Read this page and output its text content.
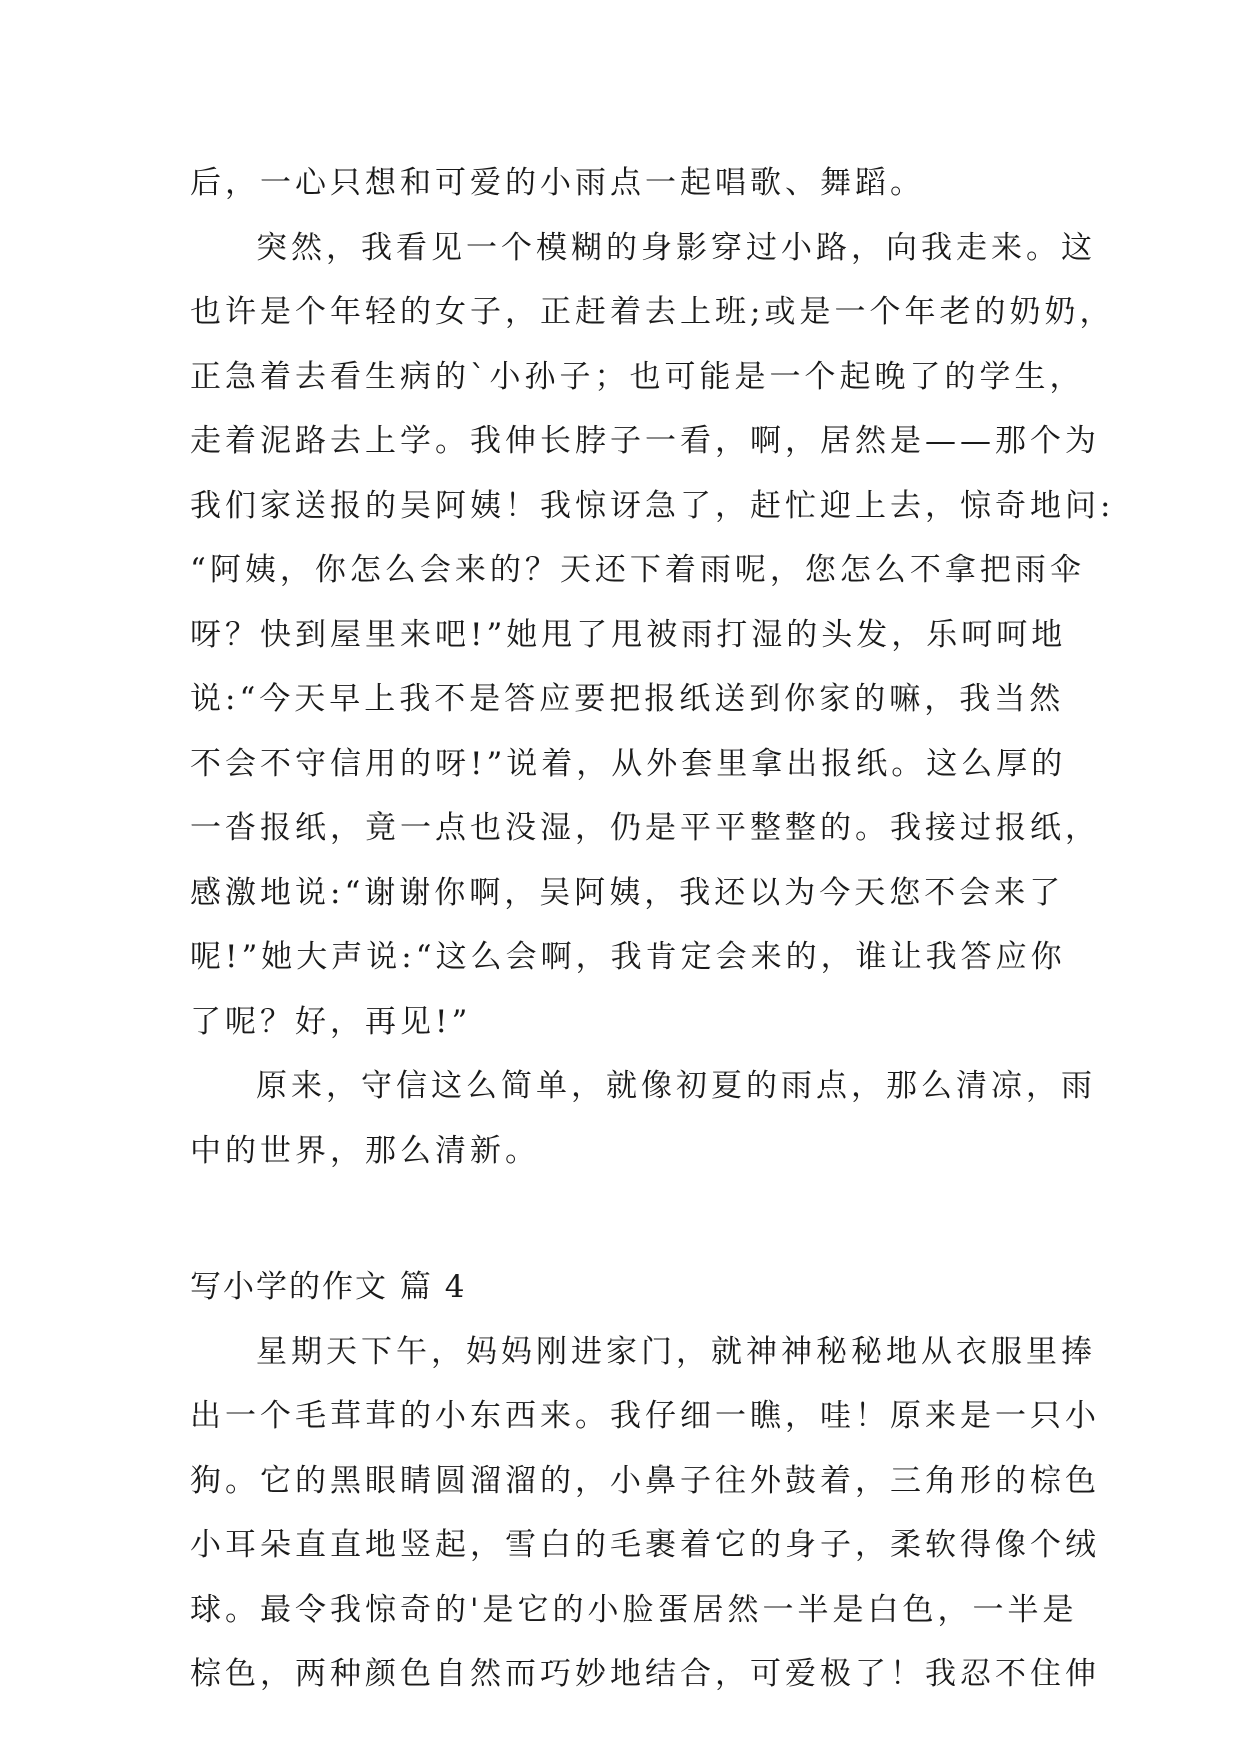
后，一心只想和可爱的小雨点一起唱歌、舞蹈。
突然，我看见一个模糊的身影穿过小路，向我走来。这
也许是个年轻的女子，正赶着去上班;或是一个年老的奶奶，
正急着去看生病的`小孙子；也可能是一个起晚了的学生，
走着泥路去上学。我伸长脖子一看，啊，居然是——那个为
我们家送报的吴阿姨！我惊讶急了，赶忙迎上去，惊奇地问:
“阿姨，你怎么会来的？天还下着雨呢，您怎么不拿把雨伞
呀？快到屋里来吧!”她甩了甩被雨打湿的头发，乐呵呵地
说:“今天早上我不是答应要把报纸送到你家的嘛，我当然
不会不守信用的呀!”说着，从外套里拿出报纸。这么厚的
一沓报纸，竟一点也没湿，仍是平平整整的。我接过报纸，
感激地说:“谢谢你啊，吴阿姨，我还以为今天您不会来了
呢!”她大声说:“这么会啊，我肯定会来的，谁让我答应你
了呢？好，再见!”
原来，守信这么简单，就像初夏的雨点，那么清凉，雨
中的世界，那么清新。
写小学的作文 篇 4
星期天下午，妈妈刚进家门，就神神秘秘地从衣服里捧
出一个毛茸茸的小东西来。我仔细一瞧，哇！原来是一只小
狗。它的黑眼睛圆溜溜的，小鼻子往外鼓着，三角形的棕色
小耳朵直直地竖起，雪白的毛裹着它的身子，柔软得像个绒
球。最令我惊奇的'是它的小脸蛋居然一半是白色，一半是
棕色，两种颜色自然而巧妙地结合，可爱极了！我忍不住伸
